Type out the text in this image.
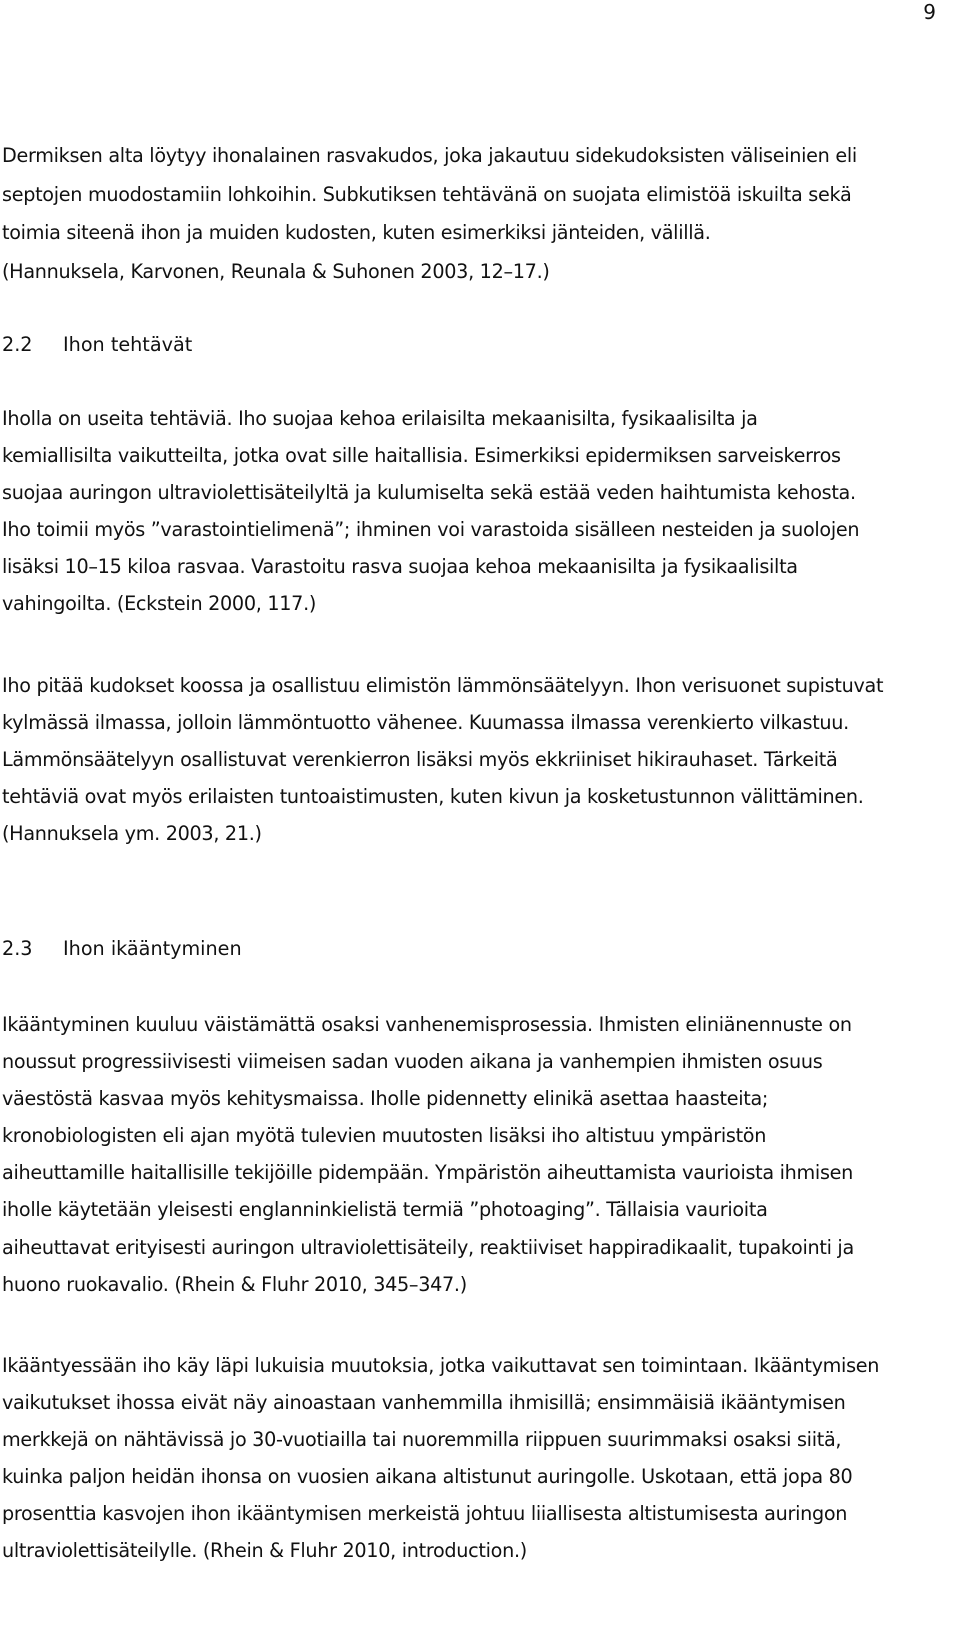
9
Dermiksen alta löytyy ihonalainen rasvakudos, joka jakautuu sidekudoksisten väliseinien eli
septojen muodostamiin lohkoihin. Subkutiksen tehtävänä on suojata elimistöä iskuilta sekä
toimia siteenä ihon ja muiden kudosten, kuten esimerkiksi jänteiden, välillä.
(Hannuksela, Karvonen, Reunala & Suhonen 2003, 12–17.)
2.2 Ihon tehtävät
Iholla on useita tehtäviä. Iho suojaa kehoa erilaisilta mekaanisilta, fysikaalisilta ja
kemiallisilta vaikutteilta, jotka ovat sille haitallisia. Esimerkiksi epidermiksen sarveiskerros
suojaa auringon ultraviolettisäteilyltä ja kulumiselta sekä estää veden haihtumista kehosta.
Iho toimii myös ”varastointielimenä”; ihminen voi varastoida sisälleen nesteiden ja suolojen
lisäksi 10–15 kiloa rasvaa. Varastoitu rasva suojaa kehoa mekaanisilta ja fysikaalisilta
vahingoilta. (Eckstein 2000, 117.)
Iho pitää kudokset koossa ja osallistuu elimistön lämmönsäätelyyn. Ihon verisuonet supistuvat
kylmässä ilmassa, jolloin lämmöntuotto vähenee. Kuumassa ilmassa verenkierto vilkastuu.
Lämmönsäätelyyn osallistuvat verenkierron lisäksi myös ekkriiniset hikirauhaset. Tärkeitä
tehtäviä ovat myös erilaisten tuntoaistimusten, kuten kivun ja kosketustunnon välittäminen.
(Hannuksela ym. 2003, 21.)
2.3 Ihon ikääntyminen
Ikääntyminen kuuluu väistämättä osaksi vanhenemisprosessia. Ihmisten eliniänennuste on
noussut progressiivisesti viimeisen sadan vuoden aikana ja vanhempien ihmisten osuus
väestöstä kasvaa myös kehitysmaissa. Iholle pidennetty elinikä asettaa haasteita;
kronobiologisten eli ajan myötä tulevien muutosten lisäksi iho altistuu ympäristön
aiheuttamille haitallisille tekijöille pidempään. Ympäristön aiheuttamista vaurioista ihmisen
iholle käytetään yleisesti englanninkielistä termiä ”photoaging”. Tällaisia vaurioita
aiheuttavat erityisesti auringon ultraviolettisäteily, reaktiiviset happiradikaalit, tupakointi ja
huono ruokavalio. (Rhein & Fluhr 2010, 345–347.)
Ikääntyessään iho käy läpi lukuisia muutoksia, jotka vaikuttavat sen toimintaan. Ikääntymisen
vaikutukset ihossa eivät näy ainoastaan vanhemmilla ihmisillä; ensimmäisiä ikääntymisen
merkkejä on nähtävissä jo 30-vuotiailla tai nuoremmilla riippuen suurimmaksi osaksi siitä,
kuinka paljon heidän ihonsa on vuosien aikana altistunut auringolle. Uskotaan, että jopa 80
prosenttia kasvojen ihon ikääntymisen merkeistä johtuu liiallisesta altistumisesta auringon
ultraviolettisäteilylle. (Rhein & Fluhr 2010, introduction.)
